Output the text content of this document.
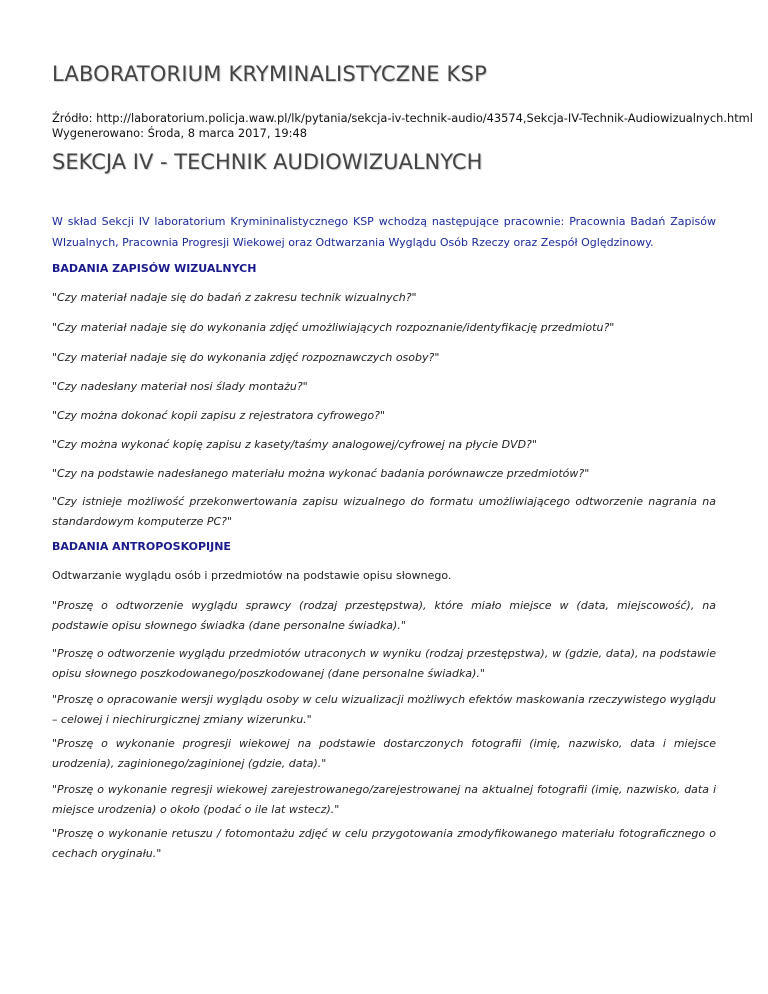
LABORATORIUM KRYMINALISTYCZNE KSP
Źródło: http://laboratorium.policja.waw.pl/lk/pytania/sekcja-iv-technik-audio/43574,Sekcja-IV-Technik-Audiowizualnych.html
Wygenerowano: Środa, 8 marca 2017, 19:48
SEKCJA IV - TECHNIK AUDIOWIZUALNYCH

W skład Sekcji IV laboratorium Krymininalistycznego KSP wchodzą następujące pracownie: Pracownia Badań Zapisów WIzualnych, Pracownia Progresji Wiekowej oraz Odtwarzania Wyglądu Osób Rzeczy oraz Zespół Oględzinowy.

BADANIA ZAPISÓW WIZUALNYCH

"Czy materiał nadaje się do badań z zakresu technik wizualnych?"

"Czy materiał nadaje się do wykonania zdjęć umożliwiających rozpoznanie/identyfikację przedmiotu?"

"Czy materiał nadaje się do wykonania zdjęć rozpoznawczych osoby?"

"Czy nadesłany materiał nosi ślady montażu?"

"Czy można dokonać kopii zapisu z rejestratora cyfrowego?"

"Czy można wykonać kopię zapisu z kasety/taśmy analogowej/cyfrowej na płycie DVD?"

"Czy na podstawie nadesłanego materiału można wykonać badania porównawcze przedmiotów?"

"Czy istnieje możliwość przekonwertowania zapisu wizualnego do formatu umożliwiającego odtworzenie nagrania na standardowym komputerze PC?"

BADANIA ANTROPOSKOPIJNE

Odtwarzanie wyglądu osób i przedmiotów na podstawie opisu słownego.

"Proszę o odtworzenie wyglądu sprawcy (rodzaj przestępstwa), które miało miejsce w (data, miejscowość), na podstawie opisu słownego świadka (dane personalne świadka)."

"Proszę o odtworzenie wyglądu przedmiotów utraconych w wyniku (rodzaj przestępstwa), w (gdzie, data), na podstawie opisu słownego poszkodowanego/poszkodowanej (dane personalne świadka)."

"Proszę o opracowanie wersji wyglądu osoby w celu wizualizacji możliwych efektów maskowania rzeczywistego wyglądu – celowej i niechirurgicznej zmiany wizerunku."

"Proszę o wykonanie progresji wiekowej na podstawie dostarczonych fotografii (imię, nazwisko, data i miejsce urodzenia), zaginionego/zaginionej (gdzie, data)."

"Proszę o wykonanie regresji wiekowej zarejestrowanego/zarejestrowanej na aktualnej fotografii (imię, nazwisko, data i miejsce urodzenia) o około (podać o ile lat wstecz)."

"Proszę o wykonanie retuszu / fotomontażu zdjęć w celu przygotowania zmodyfikowanego materiału fotograficznego o cechach oryginału."
